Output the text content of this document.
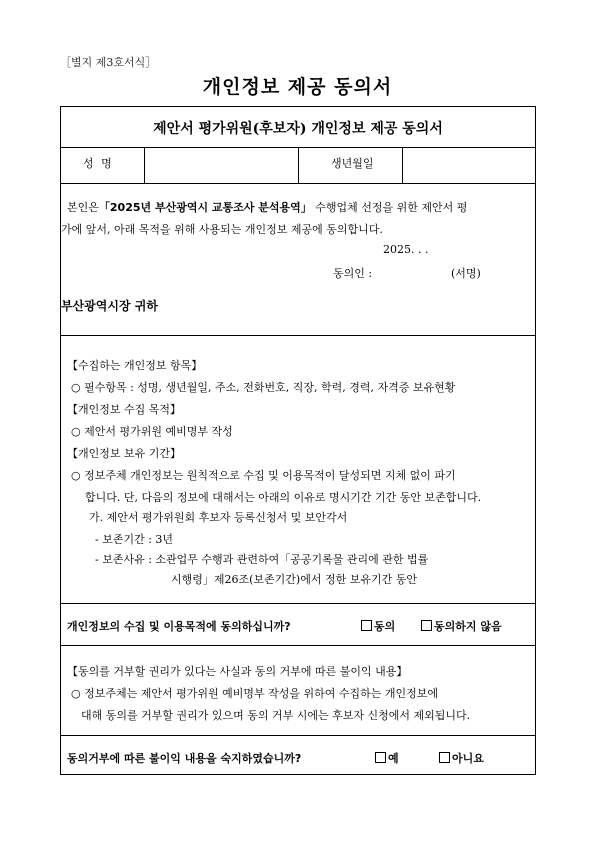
［별지 제3호서식］
개인정보 제공 동의서
제안서 평가위원(후보자) 개인정보 제공 동의서
성 명	생년월일
본인은「2025년 부산광역시 교통조사 분석용역」 수행업체 선정을 위한 제안서 평
가에 앞서, 아래 목적을 위해 사용되는 개인정보 제공에 동의합니다.
2025. . .
동의인 :	(서명)
부산광역시장 귀하
【수집하는 개인정보 항목】
○ 필수항목 : 성명, 생년월일, 주소, 전화번호, 직장, 학력, 경력, 자격증 보유현황
【개인정보 수집 목적】
○ 제안서 평가위원 예비명부 작성
【개인정보 보유 기간】
○ 정보주체 개인정보는 원칙적으로 수집 및 이용목적이 달성되면 지체 없이 파기
합니다. 단, 다음의 정보에 대해서는 아래의 이유로 명시기간 기간 동안 보존합니다.
가. 제안서 평가위원회 후보자 등록신청서 및 보안각서
- 보존기간 : 3년
- 보존사유 : 소관업무 수행과 관련하여「공공기록물 관리에 관한 법률
시행령」제26조(보존기간)에서 정한 보유기간 동안
개인정보의 수집 및 이용목적에 동의하십니까?	동의	동의하지 않음
【동의를 거부할 권리가 있다는 사실과 동의 거부에 따른 불이익 내용】
○ 정보주체는 제안서 평가위원 예비명부 작성을 위하여 수집하는 개인정보에
대해 동의를 거부할 권리가 있으며 동의 거부 시에는 후보자 신청에서 제외됩니다.
동의거부에 따른 불이익 내용을 숙지하였습니까?	예	아니요
